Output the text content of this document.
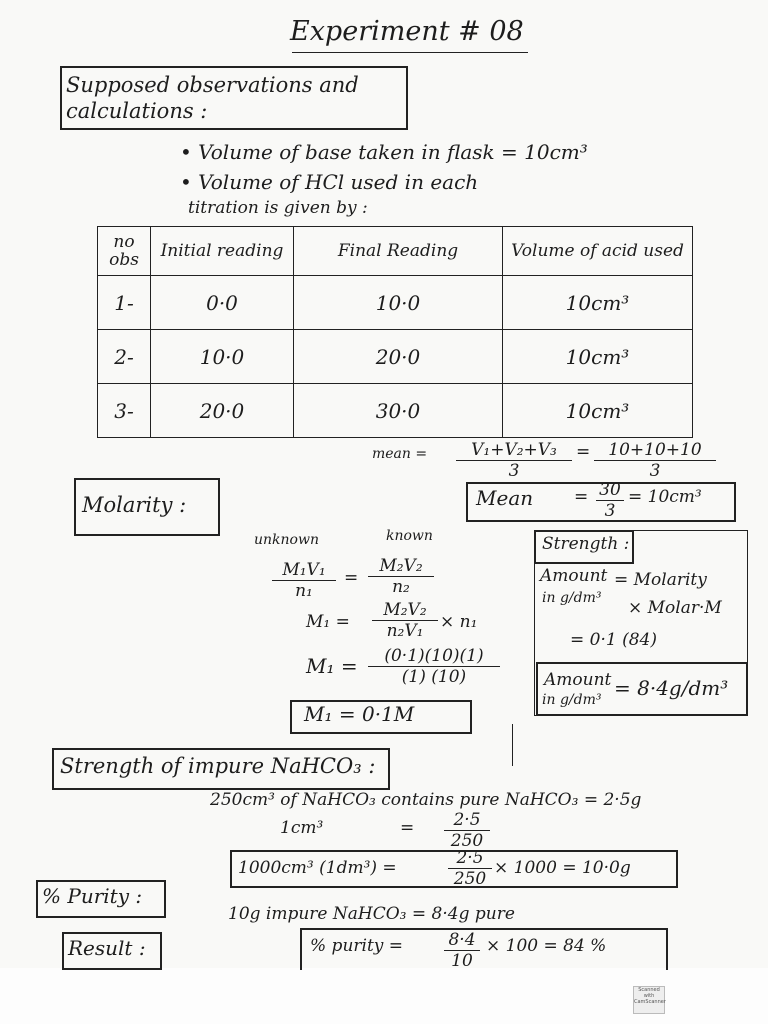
Experiment # 08
Supposed observations and calculations :
• Volume of base taken in flask = 10cm³
• Volume of HCl used in each
titration is given by :
no obs	Initial reading	Final Reading	Volume of acid used
1-	0·0	10·0	10cm³
2-	10·0	20·0	10cm³
3-	20·0	30·0	10cm³
mean = $\frac{\text{V₁+V₂+V₃}}{3} = \frac{10+10+10}{3}$
Mean	$\frac{30}{3}$
= = 10cm³
Molarity :
unknown	known
$\frac{\text{M₁V₁}}{\text{n₁}} = \frac{\text{M₂V₂}}{\text{n₂}}$
$M_1 = \frac{\text{M₂V₂}}{\text{n₂V₁}} \times n_1$
$M_1 = \frac{(0\cdot 1)(10)(1)}{(1) (10)}$
M₁ = 0·1M
Strength :
Amount = Molarity
in g/dm³ × Molar·M
= 0·1 (84)
Amount
in g/dm³ = 8·4g/dm³
Strength of impure NaHCO₃ :
250cm³ of NaHCO₃ contains pure NaHCO₃ = 2·5g
1cm³	= $\frac{2\cdot 5}{250}$
1000cm³ (1dm³) =	$\frac{2\cdot 5}{250} \times 1000 = 10\cdot 0g$
% Purity :
10g impure NaHCO₃ = 8·4g pure
% purity = $\frac{8\cdot 4}{10} \times 100 = 84$ %
Result :
Scanned with CamScanner
